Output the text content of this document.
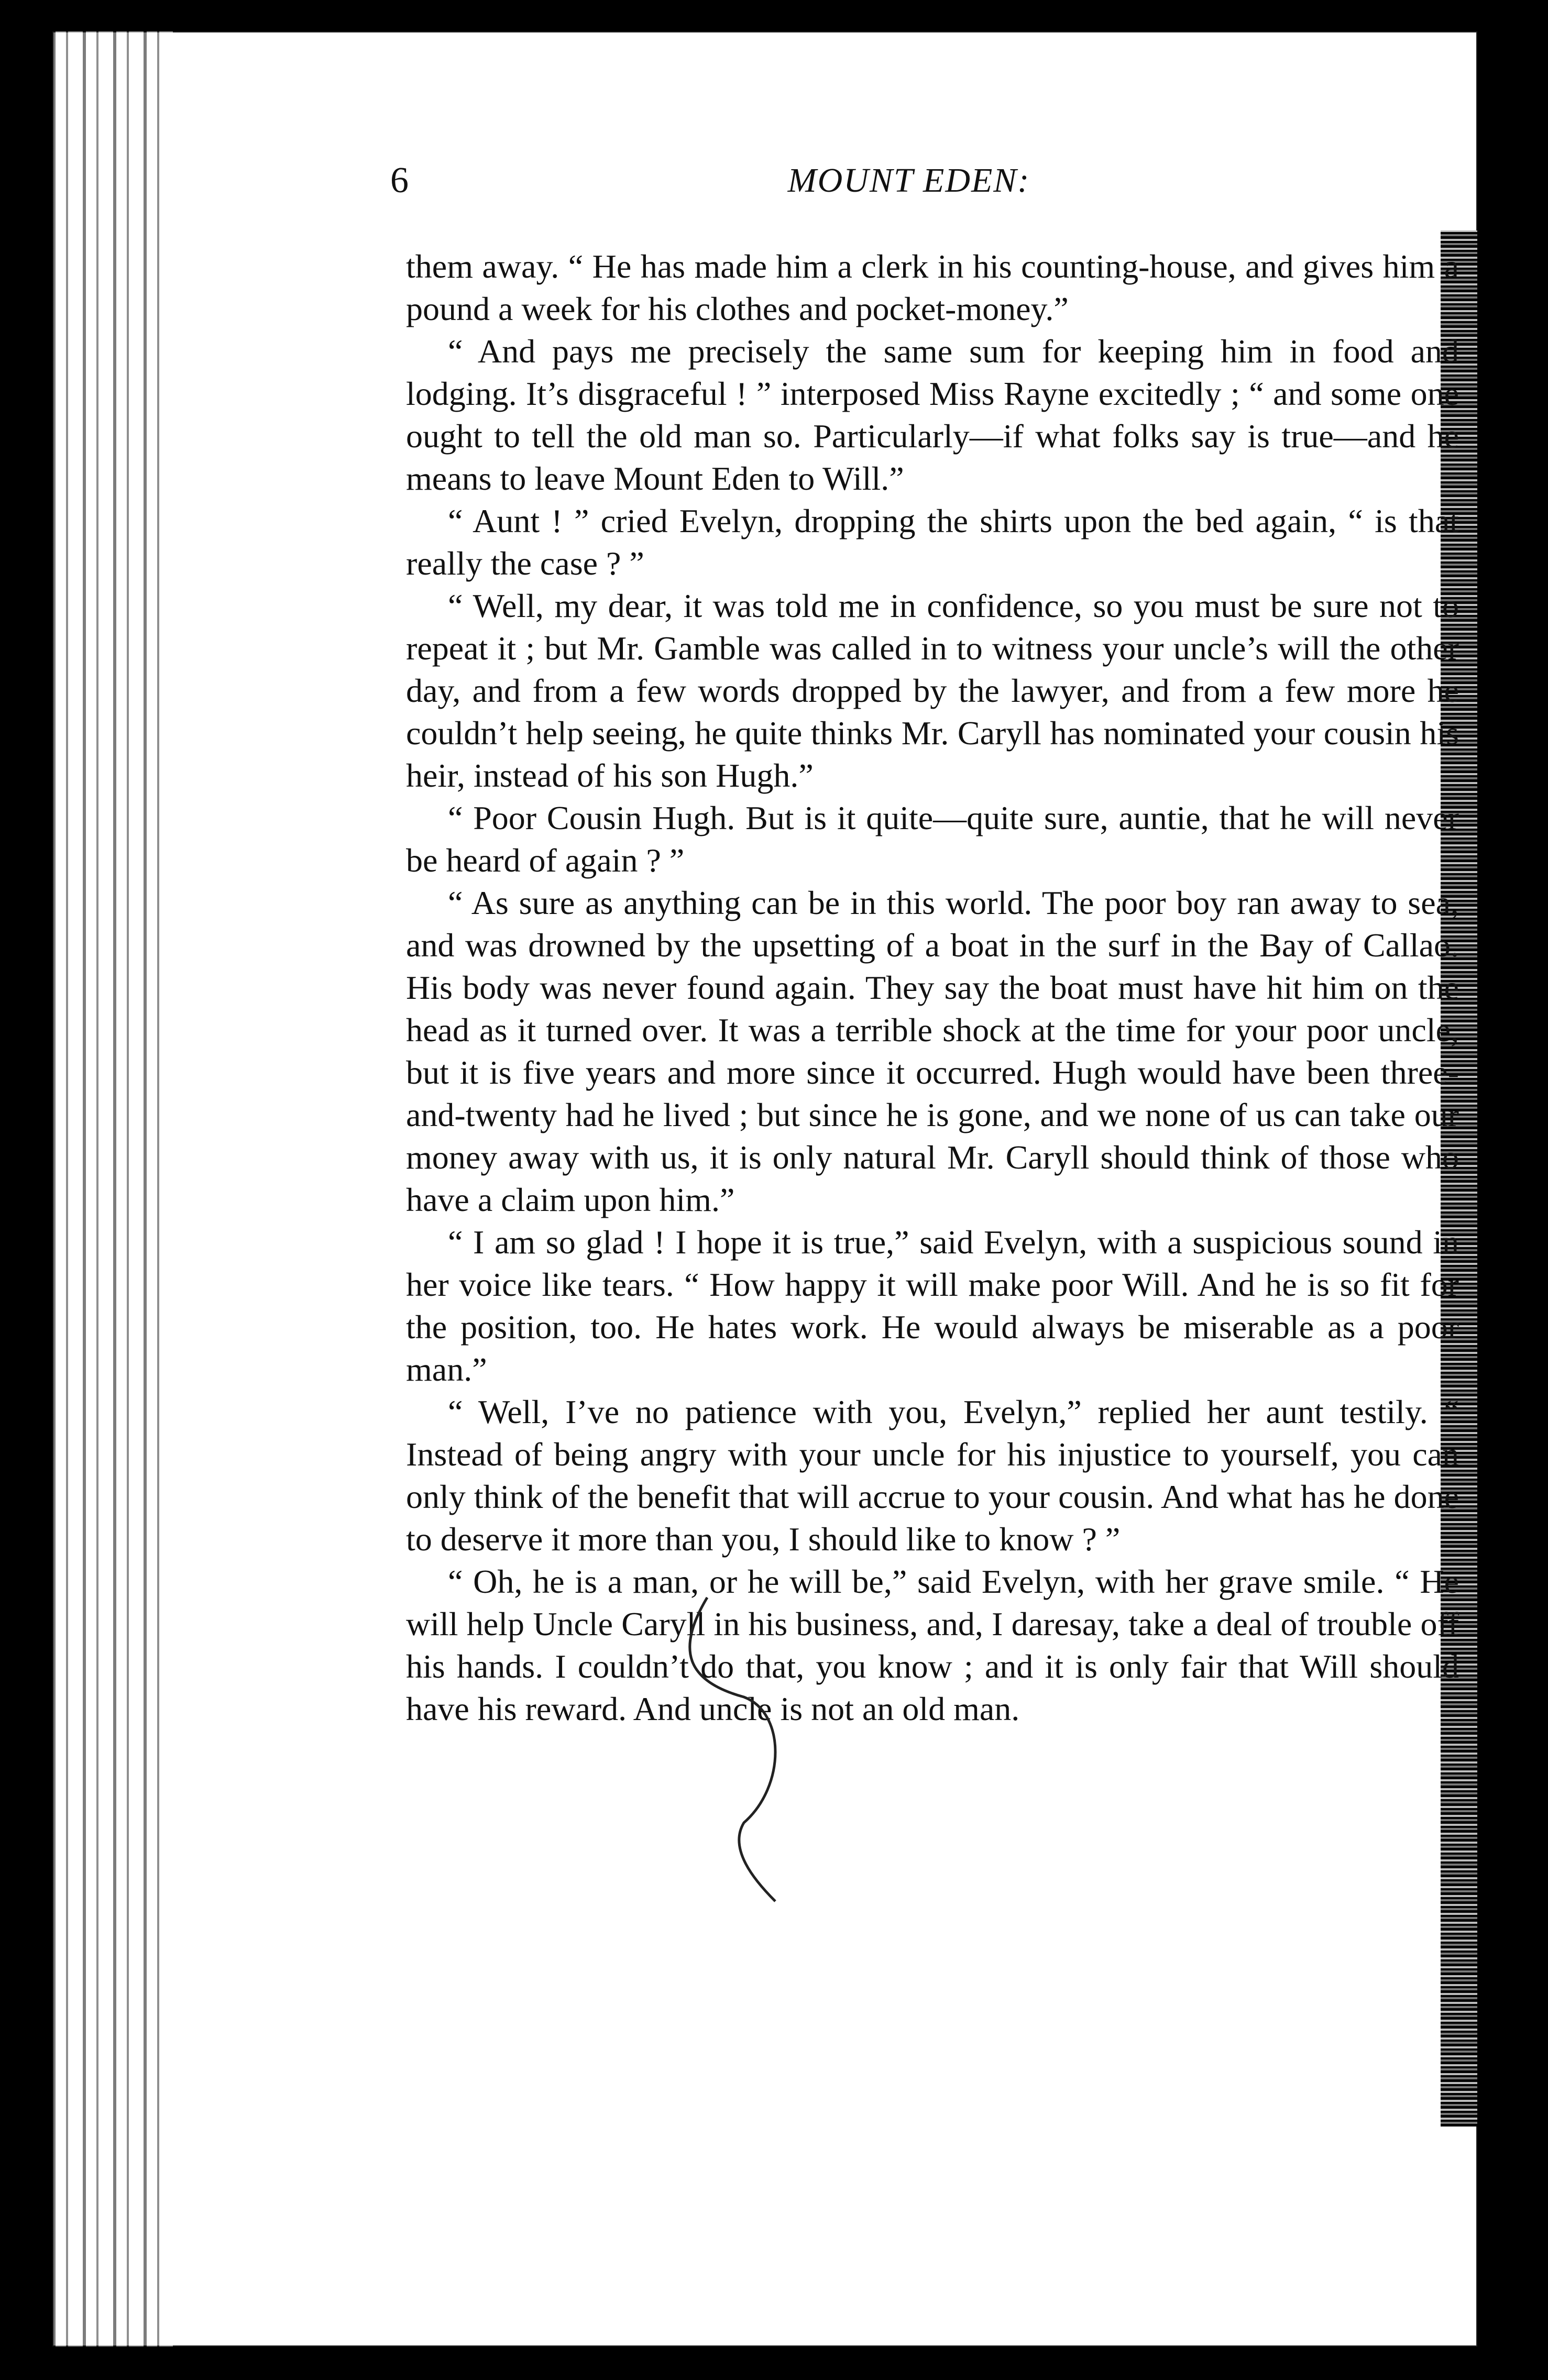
6	MOUNT EDEN:

them away. “ He has made him a clerk in his counting-house, and gives him a pound a week for his clothes and pocket-money.”

“ And pays me precisely the same sum for keeping him in food and lodging. It’s disgraceful ! ” interposed Miss Rayne excitedly ; “ and some one ought to tell the old man so. Particularly—if what folks say is true—and he means to leave Mount Eden to Will.”

“ Aunt ! ” cried Evelyn, dropping the shirts upon the bed again, “ is that really the case ? ”

“ Well, my dear, it was told me in confidence, so you must be sure not to repeat it ; but Mr. Gamble was called in to witness your uncle’s will the other day, and from a few words dropped by the lawyer, and from a few more he couldn’t help seeing, he quite thinks Mr. Caryll has nominated your cousin his heir, instead of his son Hugh.”

“ Poor Cousin Hugh. But is it quite—quite sure, auntie, that he will never be heard of again ? ”

“ As sure as anything can be in this world. The poor boy ran away to sea, and was drowned by the upsetting of a boat in the surf in the Bay of Callao. His body was never found again. They say the boat must have hit him on the head as it turned over. It was a terrible shock at the time for your poor uncle, but it is five years and more since it occurred. Hugh would have been three-and-twenty had he lived ; but since he is gone, and we none of us can take our money away with us, it is only natural Mr. Caryll should think of those who have a claim upon him.”

“ I am so glad ! I hope it is true,” said Evelyn, with a suspicious sound in her voice like tears. “ How happy it will make poor Will. And he is so fit for the position, too. He hates work. He would always be miserable as a poor man.”

“ Well, I’ve no patience with you, Evelyn,” replied her aunt testily. “ Instead of being angry with your uncle for his injustice to yourself, you can only think of the benefit that will accrue to your cousin. And what has he done to deserve it more than you, I should like to know ? ”

“ Oh, he is a man, or he will be,” said Evelyn, with her grave smile. “ He will help Uncle Caryll in his business, and, I daresay, take a deal of trouble off his hands. I couldn’t do that, you know ; and it is only fair that Will should have his reward. And uncle is not an old man.
